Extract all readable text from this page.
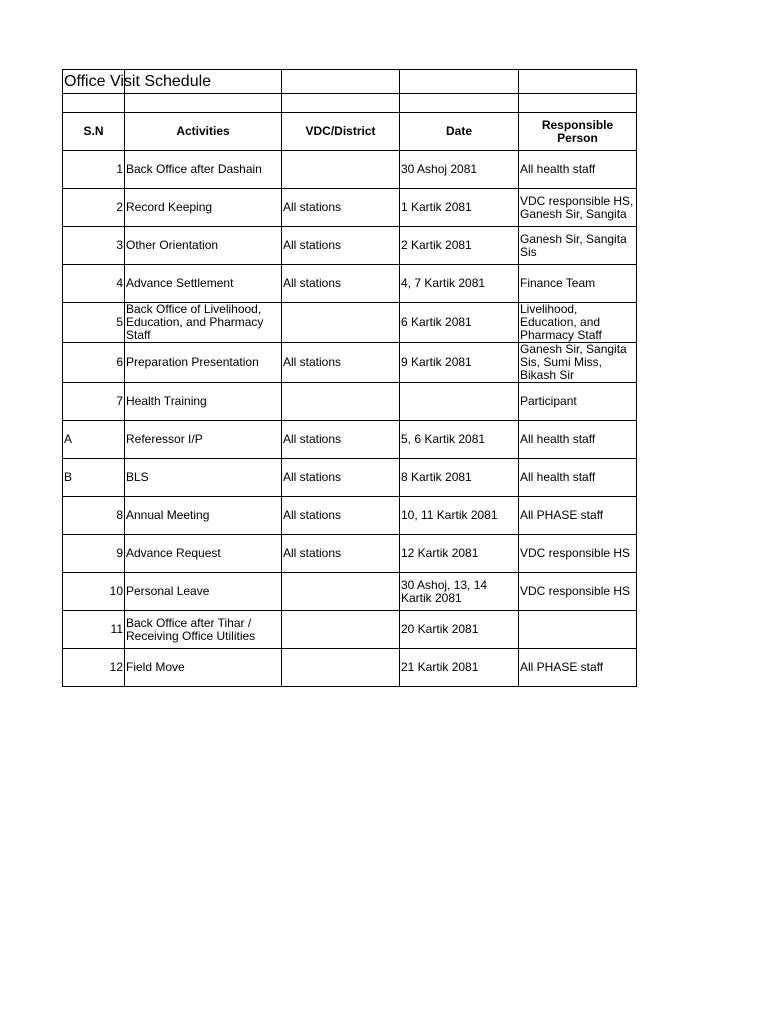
Office Visit Schedule				

S.N	Activities	VDC/District	Date	Responsible Person
1	Back Office after Dashain		30 Ashoj 2081	All health staff
2	Record Keeping	All stations	1 Kartik 2081	VDC responsible HS, Ganesh Sir, Sangita
3	Other Orientation	All stations	2 Kartik 2081	Ganesh Sir, Sangita Sis
4	Advance Settlement	All stations	4, 7 Kartik 2081	Finance Team
5	Back Office of Livelihood, Education, and Pharmacy Staff		6 Kartik 2081	Livelihood, Education, and Pharmacy Staff
6	Preparation Presentation	All stations	9 Kartik 2081	Ganesh Sir, Sangita Sis, Sumi Miss, Bikash Sir
7	Health Training			Participant
A	Referessor I/P	All stations	5, 6 Kartik 2081	All health staff
B	BLS	All stations	8 Kartik 2081	All health staff
8	Annual Meeting	All stations	10, 11 Kartik 2081	All PHASE staff
9	Advance Request	All stations	12 Kartik 2081	VDC responsible HS
10	Personal Leave		30 Ashoj, 13, 14 Kartik 2081	VDC responsible HS
11	Back Office after Tihar / Receiving Office Utilities		20 Kartik 2081	
12	Field Move		21 Kartik 2081	All PHASE staff
